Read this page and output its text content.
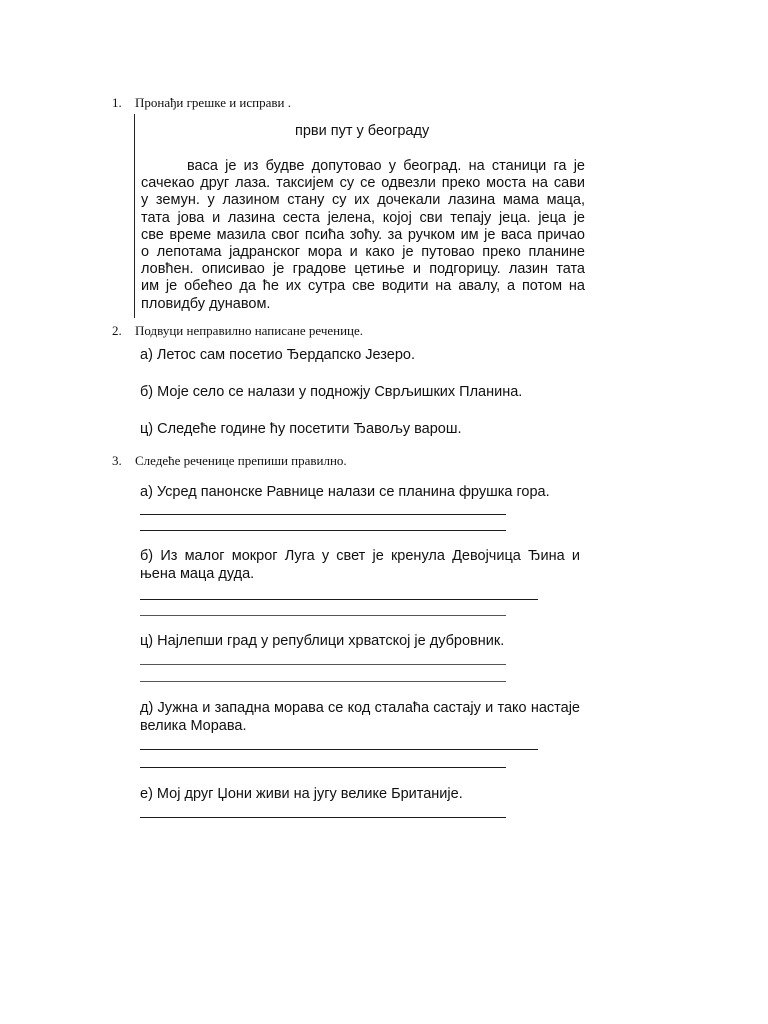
1. Пронађи грешке и исправи .
први пут у београду
васа је из будве допутовао у београд. на станици га је
сачекао друг лаза. таксијем су се одвезли преко моста на сави
у земун. у лазином стану су их дочекали лазина мама маца,
тата јова и лазина сеста јелена, којој сви тепају јеца. јеца је
све време мазила свог псића зоћу. за ручком им је васа причао
о лепотама јадранског мора и како је путовао преко планине
ловћен. описивао је градове цетиње и подгорицу. лазин тата
им је обећео да ће их сутра све водити на авалу, а потом на
пловидбу дунавом.
2. Подвуци неправилно написане реченице.
а) Летос сам посетио Ђердапско Језеро.
б) Моје село се налази у подножју Сврљишких Планина.
ц) Следеће године ћу посетити Ђавољу варош.
3. Следеће реченице препиши правилно.
а) Усред панонске Равнице налази се планина фрушка гора.
б) Из малог мокрог Луга у свет је кренула Девојчица Ђина и њена маца дуда.
ц) Најлепши град у републици хрватској је дубровник.
д) Јужна и западна морава се код сталаћа састају и тако настаје велика Морава.
е) Мој друг Џони живи на југу велике Британије.
